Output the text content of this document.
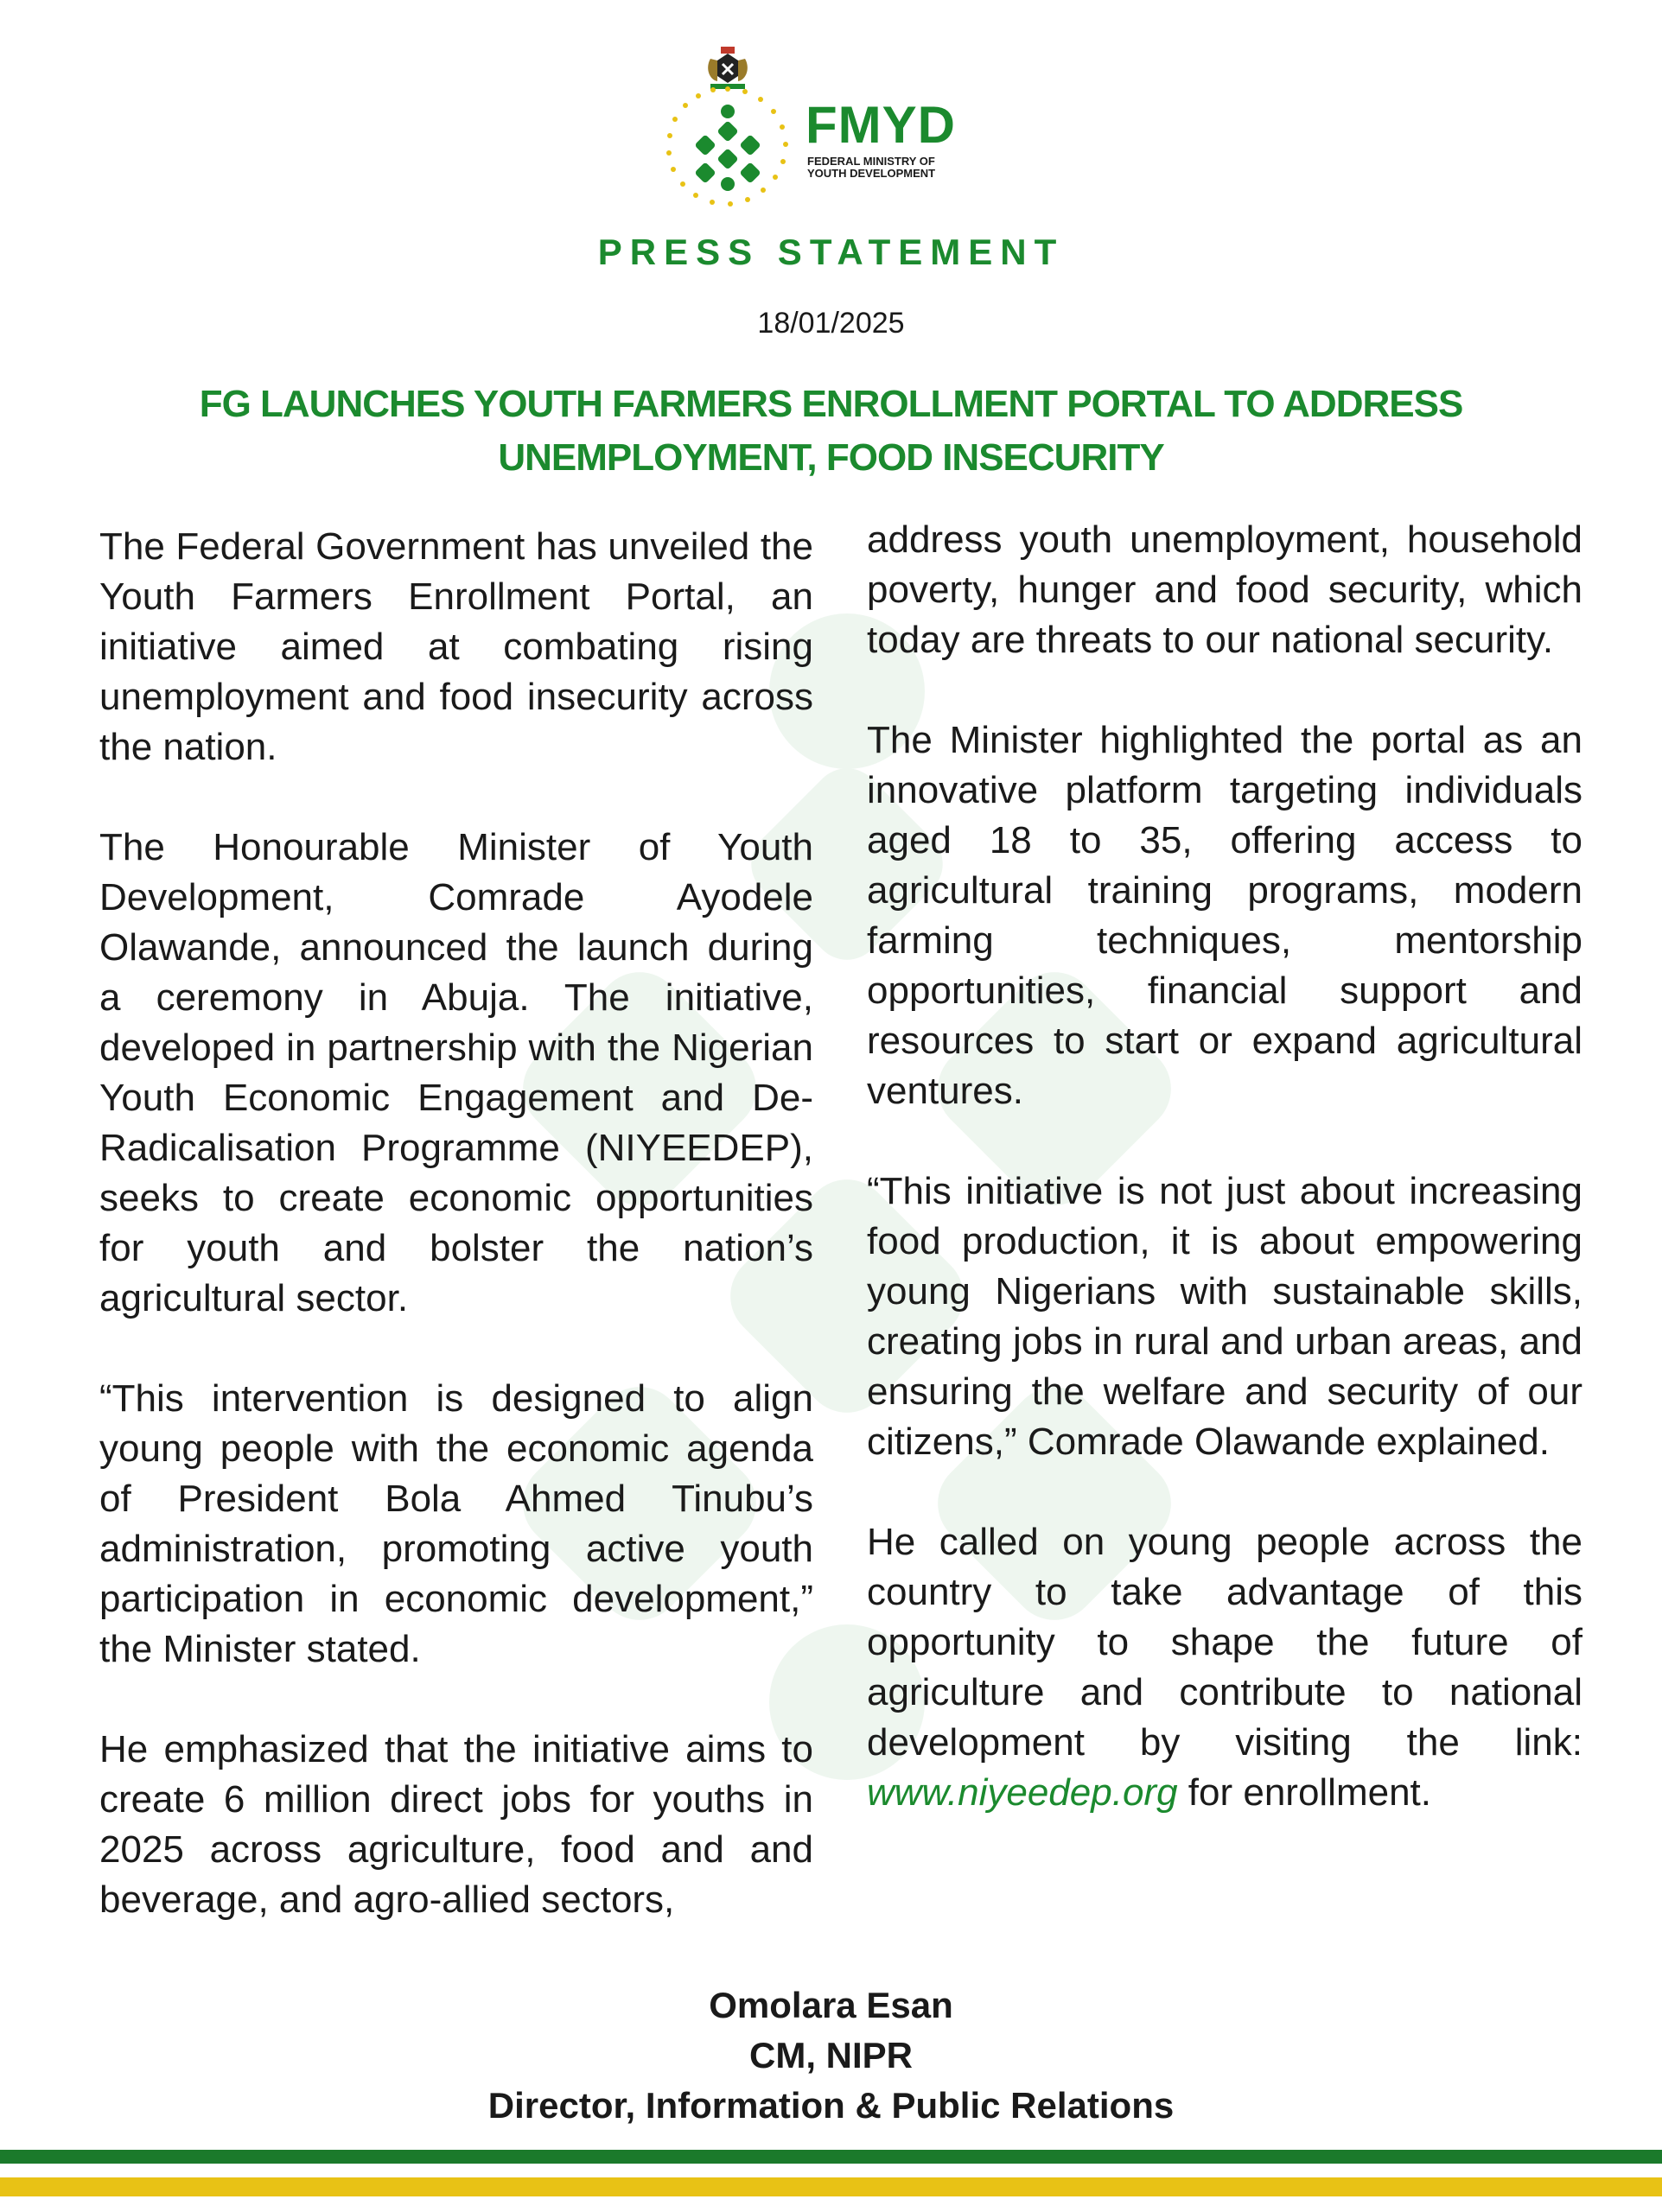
FMYD
FEDERAL MINISTRY OF
YOUTH DEVELOPMENT
PRESS STATEMENT
18/01/2025
FG LAUNCHES YOUTH FARMERS ENROLLMENT PORTAL TO ADDRESS
UNEMPLOYMENT, FOOD INSECURITY

The Federal Government has unveiled the Youth Farmers Enrollment Portal, an initiative aimed at combating rising unemployment and food insecurity across the nation.

The Honourable Minister of Youth Development, Comrade Ayodele Olawande, announced the launch during a ceremony in Abuja. The initiative, developed in partnership with the Nigerian Youth Economic Engagement and De-Radicalisation Programme (NIYEEDEP), seeks to create economic opportunities for youth and bolster the nation’s agricultural sector.

“This intervention is designed to align young people with the economic agenda of President Bola Ahmed Tinubu’s administration, promoting active youth participation in economic development,” the Minister stated.

He emphasized that the initiative aims to create 6 million direct jobs for youths in 2025 across agriculture, food and and beverage, and agro-allied sectors,

address youth unemployment, household poverty, hunger and food security, which today are threats to our national security.

The Minister highlighted the portal as an innovative platform targeting individuals aged 18 to 35, offering access to agricultural training programs, modern farming techniques, mentorship opportunities, financial support and resources to start or expand agricultural ventures.

“This initiative is not just about increasing food production, it is about empowering young Nigerians with sustainable skills, creating jobs in rural and urban areas, and ensuring the welfare and security of our citizens,” Comrade Olawande explained.

He called on young people across the country to take advantage of this opportunity to shape the future of agriculture and contribute to national development by visiting the link: www.niyeedep.org for enrollment.

Omolara Esan
CM, NIPR
Director, Information & Public Relations
